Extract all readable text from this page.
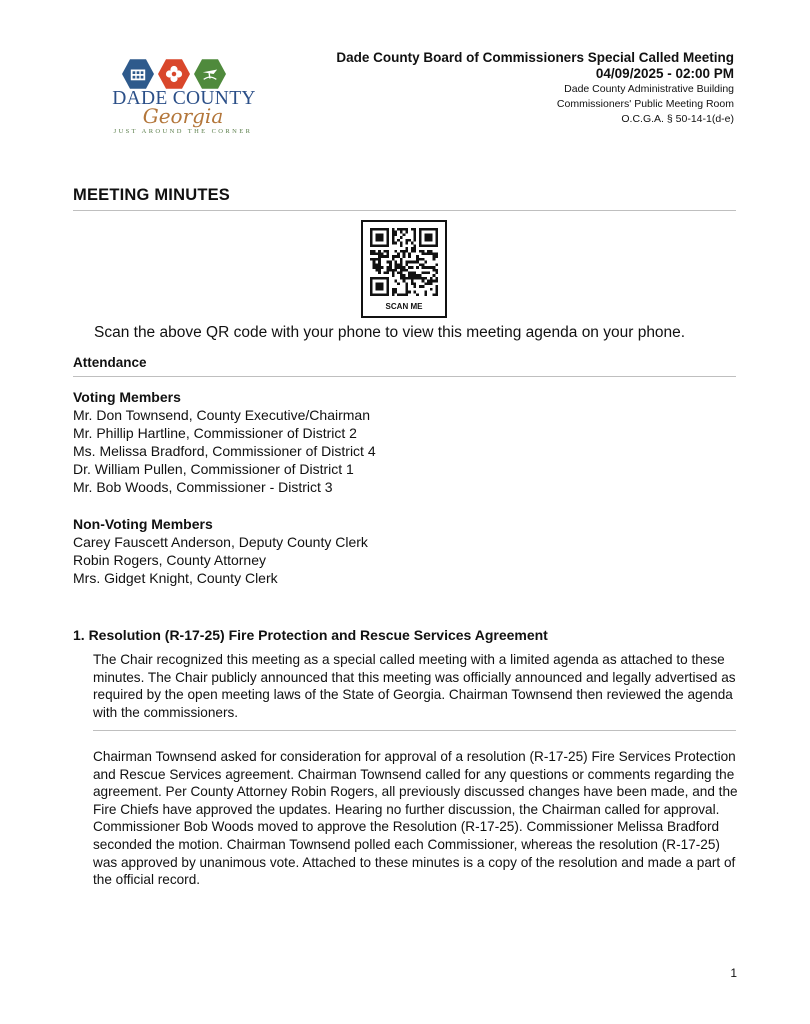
DADE COUNTY
Georgia
JUST AROUND THE CORNER
Dade County Board of Commissioners Special Called Meeting
04/09/2025 - 02:00 PM
Dade County Administrative Building
Commissioners' Public Meeting Room
O.C.G.A. § 50-14-1(d-e)
MEETING MINUTES
SCAN ME
Scan the above QR code with your phone to view this meeting agenda on your phone.
Attendance
Voting Members
Mr. Don Townsend, County Executive/Chairman
Mr. Phillip Hartline, Commissioner of District 2
Ms. Melissa Bradford, Commissioner of District 4
Dr. William Pullen, Commissioner of District 1
Mr. Bob Woods, Commissioner - District 3
Non-Voting Members
Carey Fauscett Anderson, Deputy County Clerk
Robin Rogers, County Attorney
Mrs. Gidget Knight, County Clerk
1. Resolution (R-17-25) Fire Protection and Rescue Services Agreement
The Chair recognized this meeting as a special called meeting with a limited agenda as attached to these minutes. The Chair publicly announced that this meeting was officially announced and legally advertised as required by the open meeting laws of the State of Georgia. Chairman Townsend then reviewed the agenda with the commissioners.
Chairman Townsend asked for consideration for approval of a resolution (R-17-25) Fire Services Protection and Rescue Services agreement. Chairman Townsend called for any questions or comments regarding the agreement. Per County Attorney Robin Rogers, all previously discussed changes have been made, and the Fire Chiefs have approved the updates. Hearing no further discussion, the Chairman called for approval. Commissioner Bob Woods moved to approve the Resolution (R-17-25). Commissioner Melissa Bradford seconded the motion. Chairman Townsend polled each Commissioner, whereas the resolution (R-17-25) was approved by unanimous vote. Attached to these minutes is a copy of the resolution and made a part of the official record.
1
